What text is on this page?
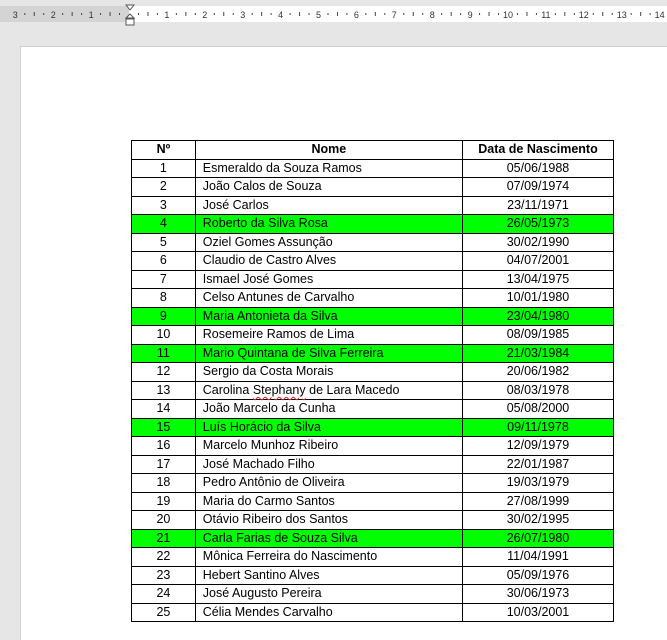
3	2	1	1	2	3	4	5	6	7	8	9	10	11	12	13	14
Nº	Nome	Data de Nascimento
1	Esmeraldo da Souza Ramos	05/06/1988
2	João Calos de Souza	07/09/1974
3	José Carlos	23/11/1971
4	Roberto da Silva Rosa	26/05/1973
5	Oziel Gomes Assunção	30/02/1990
6	Claudio de Castro Alves	04/07/2001
7	Ismael José Gomes	13/04/1975
8	Celso Antunes de Carvalho	10/01/1980
9	Maria Antonieta da Silva	23/04/1980
10	Rosemeire Ramos de Lima	08/09/1985
11	Mario Quintana de Silva Ferreira	21/03/1984
12	Sergio da Costa Morais	20/06/1982
13	Carolina Stephany de Lara Macedo	08/03/1978
14	João Marcelo da Cunha	05/08/2000
15	Luís Horácio da Silva	09/11/1978
16	Marcelo Munhoz Ribeiro	12/09/1979
17	José Machado Filho	22/01/1987
18	Pedro Antônio de Oliveira	19/03/1979
19	Maria do Carmo Santos	27/08/1999
20	Otávio Ribeiro dos Santos	30/02/1995
21	Carla Farias de Souza Silva	26/07/1980
22	Mônica Ferreira do Nascimento	11/04/1991
23	Hebert Santino Alves	05/09/1976
24	José Augusto Pereira	30/06/1973
25	Célia Mendes Carvalho	10/03/2001
